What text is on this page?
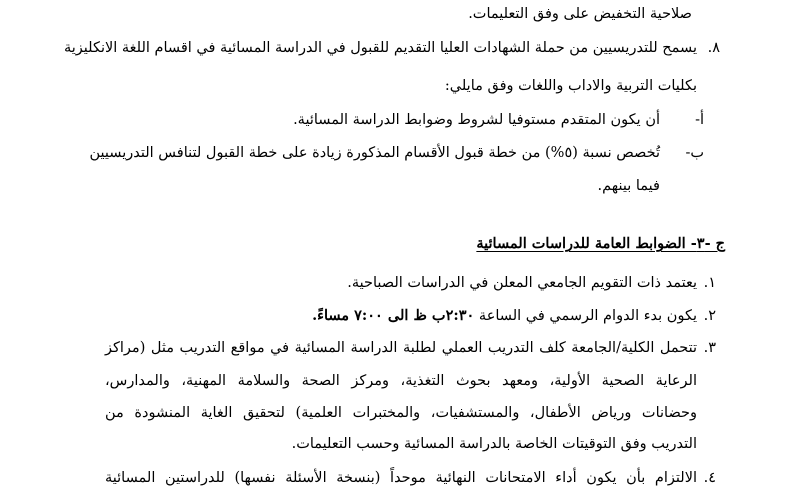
صلاحية التخفيض على وفق التعليمات.
٨.
يسمح للتدريسيين من حملة الشهادات العليا التقديم للقبول في الدراسة المسائية في اقسام اللغة الانكليزية
بكليات التربية والاداب واللغات وفق مايلي:
أ-
أن يكون المتقدم مستوفيا لشروط وضوابط الدراسة المسائية.
ب-
تُخصص نسبة (٥%) من خطة قبول الأقسام المذكورة زيادة على خطة القبول لتنافس التدريسيين
فيما بينهم.
ج -٣- الضوابط العامة للدراسات المسائية
١.
يعتمد ذات التقويم الجامعي المعلن في الدراسات الصباحية.
٢.
يكون بدء الدوام الرسمي في الساعة ٢:٣٠ب ظ الى ٧:٠٠ مساءً.
٣.
تتحمل الكلية/الجامعة كلف التدريب العملي لطلبة الدراسة المسائية في مواقع التدريب مثل (مراكز
الرعاية الصحية الأولية، ومعهد بحوث التغذية، ومركز الصحة والسلامة المهنية، والمدارس،
وحضانات ورياض الأطفال، والمستشفيات، والمختبرات العلمية) لتحقيق الغاية المنشودة من
التدريب وفق التوقيتات الخاصة بالدراسة المسائية وحسب التعليمات.
٤.
الالتزام بأن يكون أداء الامتحانات النهائية موحداً (بنسخة الأسئلة نفسها) للدراستين المسائية
